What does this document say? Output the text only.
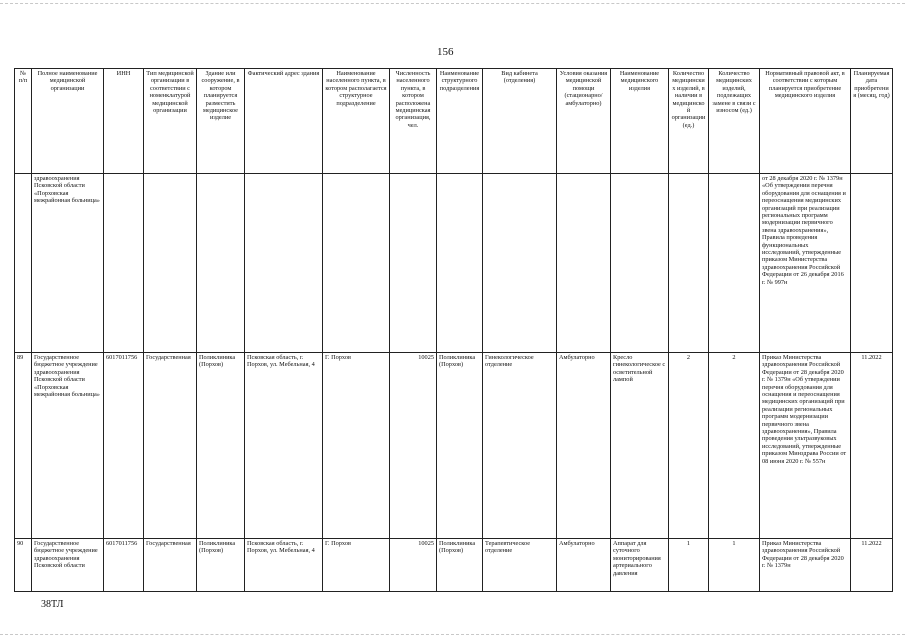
156
№ п/п	Полное наименование медицинской организации	ИНН	Тип медицинской организации в соответствии с номенклатурой медицинской организации	Здание или сооружение, в котором планируется разместить медицинское изделие	Фактический адрес здания	Наименование населенного пункта, в котором располагается структурное подразделение	Численность населенного пункта, в котором расположена медицинская организация, чел.	Наименование структурного подразделения	Вид кабинета (отделения)	Условия оказания медицинской помощи (стационарно/ амбулаторно)	Наименование медицинского изделия	Количество медицинских изделий, в наличии в медицинской организации (ед.)	Количество медицинских изделий, подлежащих замене в связи с износом (ед.)	Нормативный правовой акт, в соответствии с которым планируется приобретение медицинского изделия	Планируемая дата приобретения (месяц, год)
	здравоохранения Псковской области «Порховская межрайонная больница»													от 28 декабря 2020 г. № 1379н «Об утверждении перечня оборудования для оснащения и переоснащения медицинских организаций при реализации региональных программ модернизации первичного звена здравоохранения», Правила проведения функциональных исследований, утвержденные приказом Министерства здравоохранения Российской Федерации от 26 декабря 2016 г. № 997н	
89	Государственное бюджетное учреждение здравоохранения Псковской области «Порховская межрайонная больница»	6017011756	Государственная	Поликлиника (Порхов)	Псковская область, г. Порхов, ул. Мебельная, 4	Г. Порхов	10025	Поликлиника (Порхов)	Гинекологическое отделение	Амбулаторно	Кресло гинекологическое с осветительной лампой	2	2	Приказ Министерства здравоохранения Российской Федерации от 28 декабря 2020 г. № 1379н «Об утверждении перечня оборудования для оснащения и переоснащения медицинских организаций при реализации региональных программ модернизации первичного звена здравоохранения», Правила проведения ультразвуковых исследований, утвержденные приказом Минздрава России от 08 июня 2020 г. № 557н	11.2022
90	Государственное бюджетное учреждение здравоохранения Псковской области	6017011756	Государственная	Поликлиника (Порхов)	Псковская область, г. Порхов, ул. Мебельная, 4	Г. Порхов	10025	Поликлиника (Порхов)	Терапевтическое отделение	Амбулаторно	Аппарат для суточного мониторирования артериального давления	1	1	Приказ Министерства здравоохранения Российской Федерации от 28 декабря 2020 г. № 1379н	11.2022
38ТЛ
